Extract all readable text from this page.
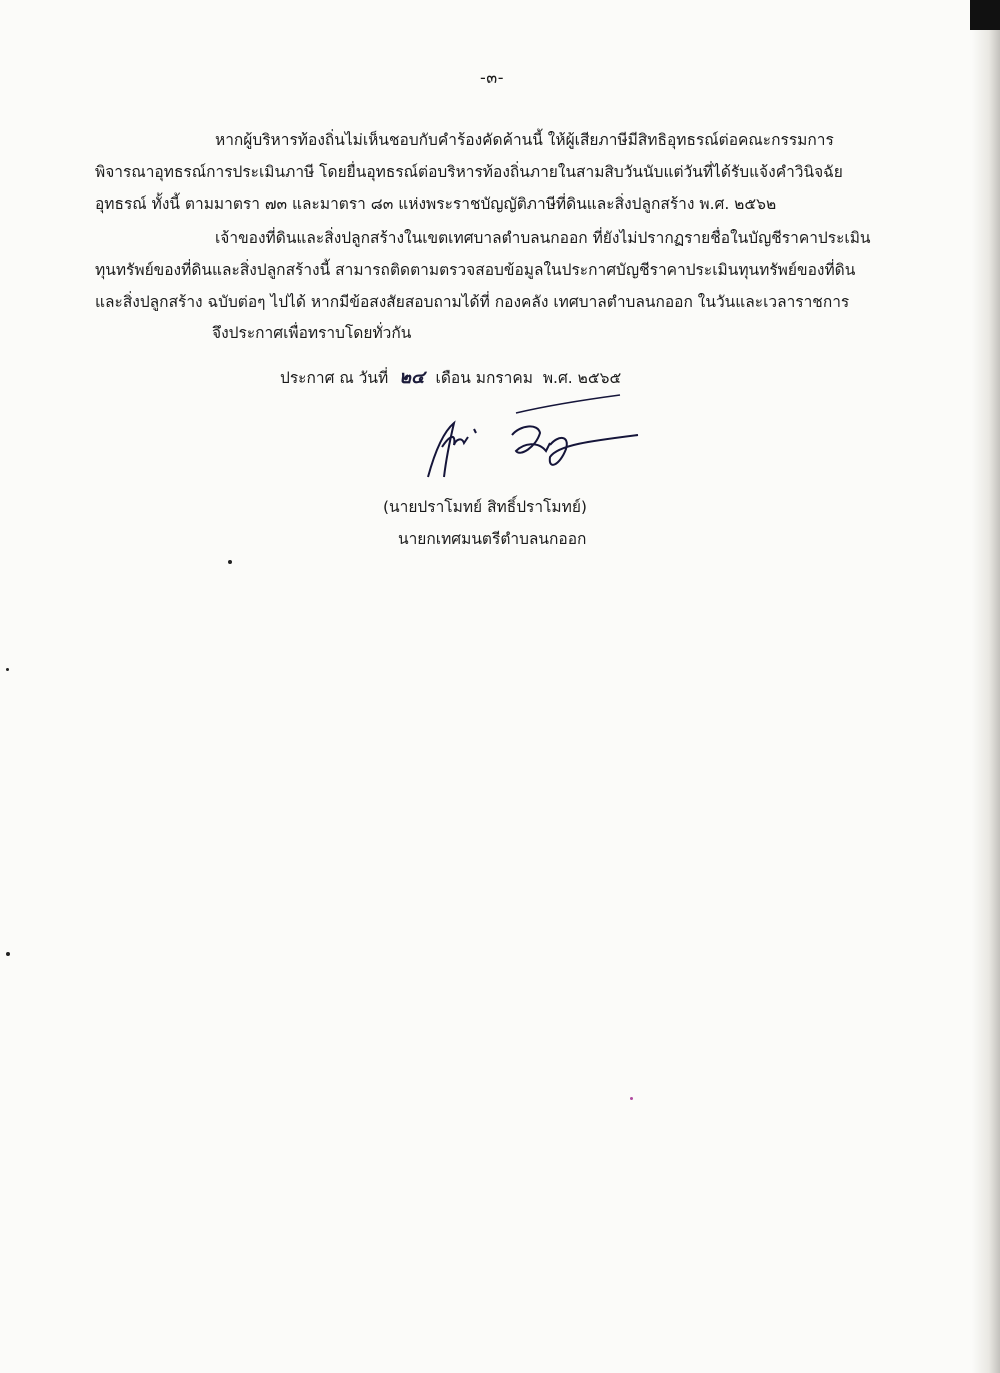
-๓-
หากผู้บริหารท้องถิ่นไม่เห็นชอบกับคำร้องคัดค้านนี้ ให้ผู้เสียภาษีมีสิทธิอุทธรณ์ต่อคณะกรรมการ
พิจารณาอุทธรณ์การประเมินภาษี โดยยื่นอุทธรณ์ต่อบริหารท้องถิ่นภายในสามสิบวันนับแต่วันที่ได้รับแจ้งคำวินิจฉัย
อุทธรณ์ ทั้งนี้ ตามมาตรา ๗๓ และมาตรา ๘๓ แห่งพระราชบัญญัติภาษีที่ดินและสิ่งปลูกสร้าง พ.ศ. ๒๕๖๒
เจ้าของที่ดินและสิ่งปลูกสร้างในเขตเทศบาลตำบลนกออก ที่ยังไม่ปรากฏรายชื่อในบัญชีราคาประเมิน
ทุนทรัพย์ของที่ดินและสิ่งปลูกสร้างนี้ สามารถติดตามตรวจสอบข้อมูลในประกาศบัญชีราคาประเมินทุนทรัพย์ของที่ดิน
และสิ่งปลูกสร้าง ฉบับต่อๆ ไปได้ หากมีข้อสงสัยสอบถามได้ที่ กองคลัง เทศบาลตำบลนกออก ในวันและเวลาราชการ
จึงประกาศเพื่อทราบโดยทั่วกัน
ประกาศ ณ วันที่ ๒๔ เดือน มกราคม พ.ศ. ๒๕๖๕
(นายปราโมทย์ สิทธิ์ปราโมทย์)
นายกเทศมนตรีตำบลนกออก
